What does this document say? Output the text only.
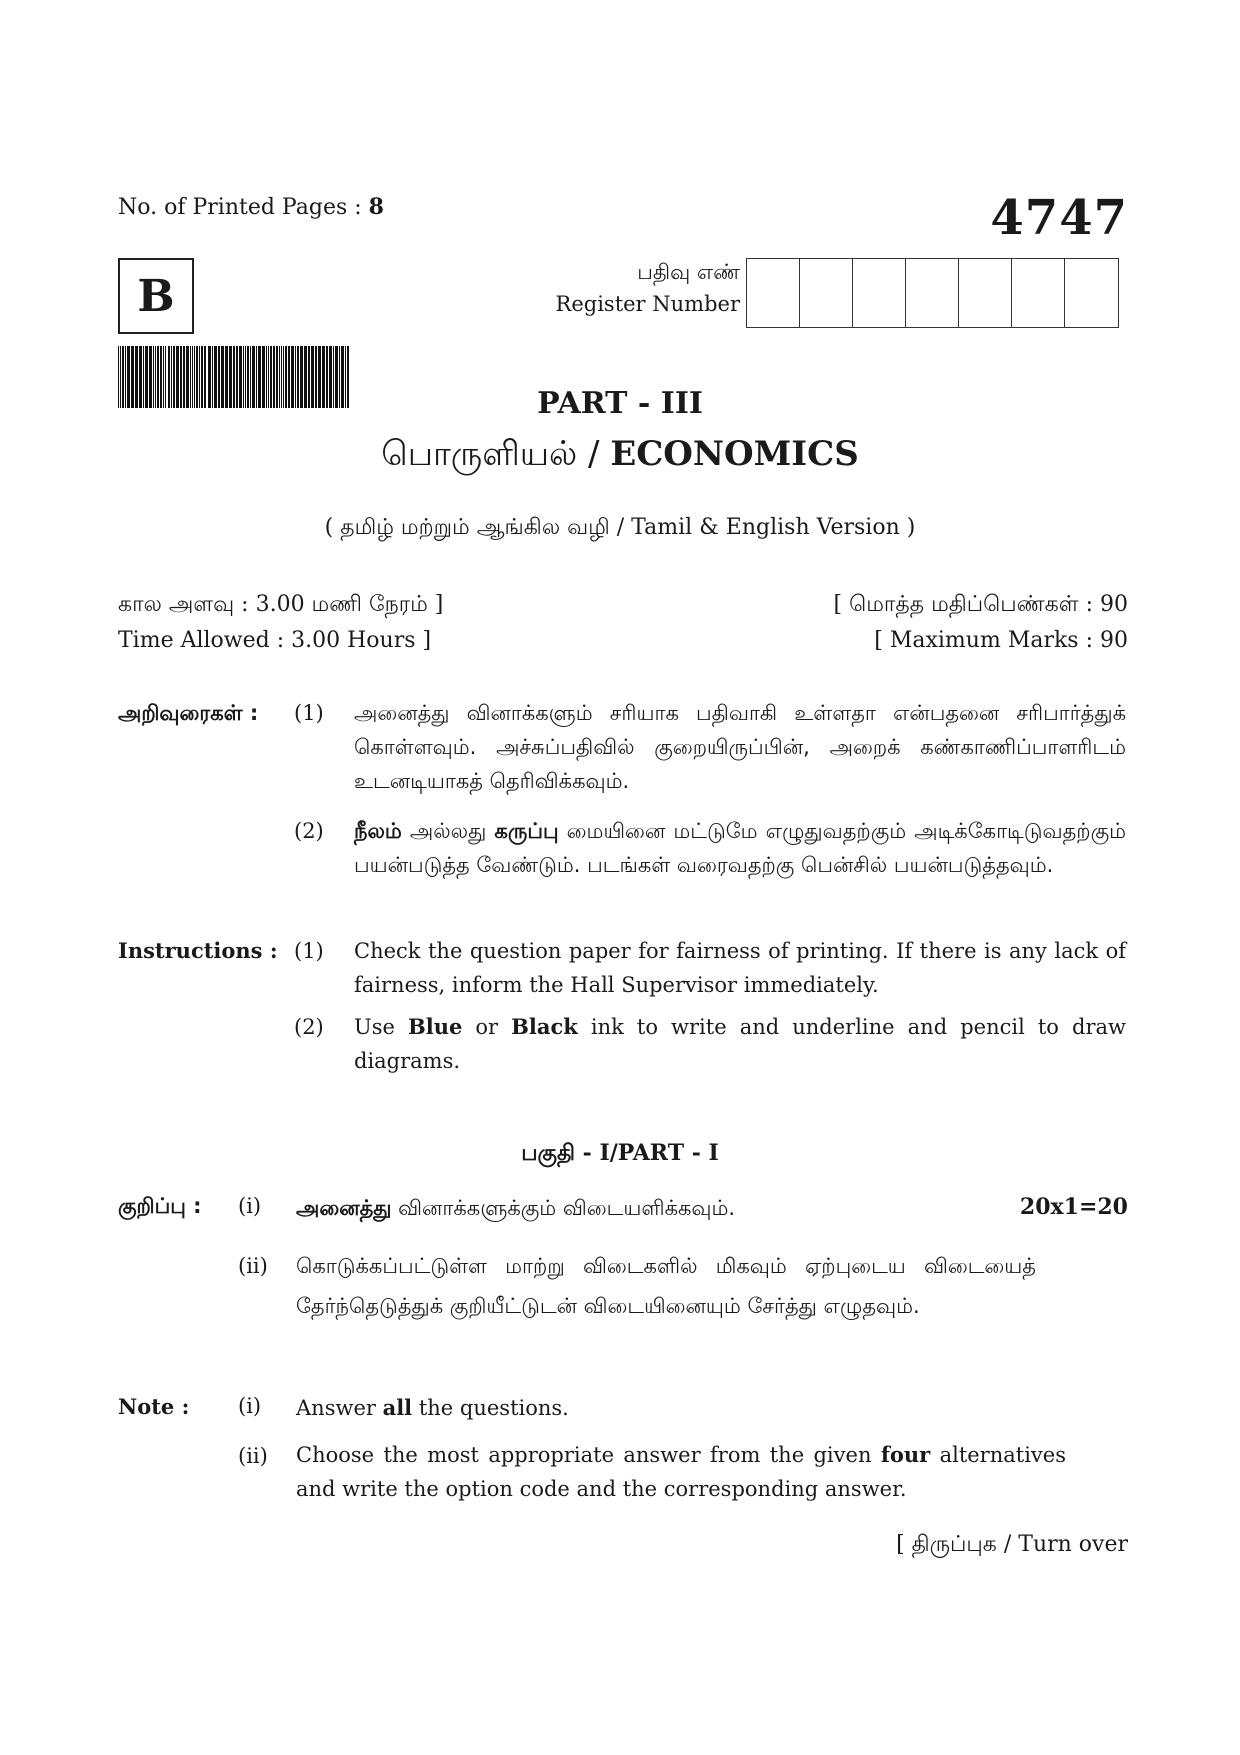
No. of Printed Pages : 8	4747
B	பதிவு எண்
Register Number
PART - III
பொருளியல் / ECONOMICS
( தமிழ் மற்றும் ஆங்கில வழி / Tamil & English Version )
கால அளவு : 3.00 மணி நேரம் ]	[ மொத்த மதிப்பெண்கள் : 90
Time Allowed : 3.00 Hours ]	[ Maximum Marks : 90
அறிவுரைகள் : (1) அனைத்து வினாக்களும் சரியாக பதிவாகி உள்ளதா என்பதனை சரிபார்த்துக் கொள்ளவும். அச்சுப்பதிவில் குறையிருப்பின், அறைக் கண்காணிப்பாளரிடம் உடனடியாகத் தெரிவிக்கவும்.
(2) நீலம் அல்லது கருப்பு மையினை மட்டுமே எழுதுவதற்கும் அடிக்கோடிடுவதற்கும் பயன்படுத்த வேண்டும். படங்கள் வரைவதற்கு பென்சில் பயன்படுத்தவும்.
Instructions : (1) Check the question paper for fairness of printing. If there is any lack of fairness, inform the Hall Supervisor immediately.
(2) Use Blue or Black ink to write and underline and pencil to draw diagrams.
பகுதி - I/PART - I
குறிப்பு : (i) அனைத்து வினாக்களுக்கும் விடையளிக்கவும்.	20x1=20
(ii) கொடுக்கப்பட்டுள்ள மாற்று விடைகளில் மிகவும் ஏற்புடைய விடையைத் தேர்ந்தெடுத்துக் குறியீட்டுடன் விடையினையும் சேர்த்து எழுதவும்.
Note : (i) Answer all the questions.
(ii) Choose the most appropriate answer from the given four alternatives and write the option code and the corresponding answer.
[ திருப்புக / Turn over
